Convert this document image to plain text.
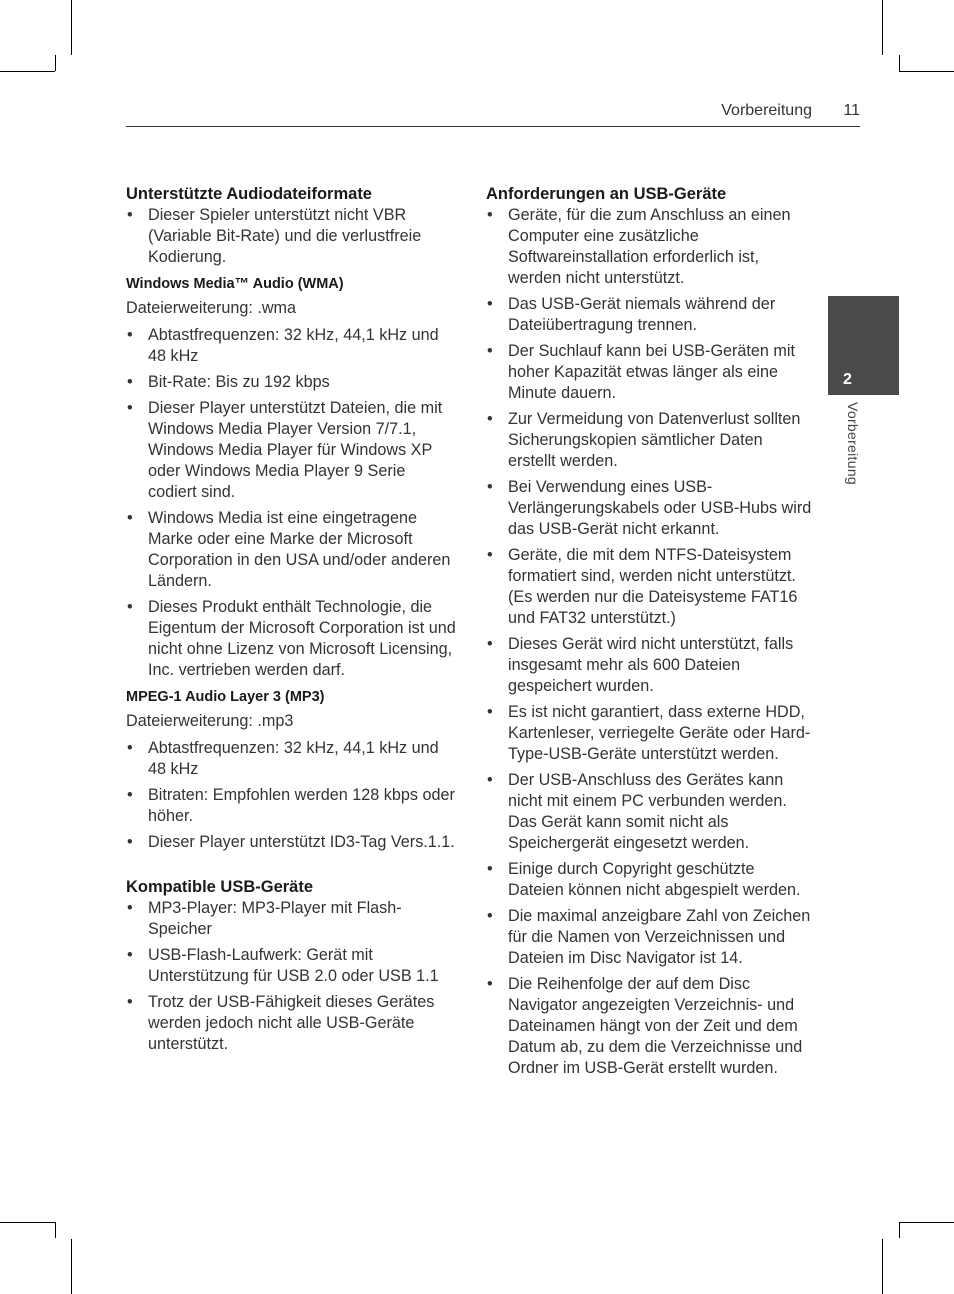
Vorbereitung 11
2
Vorbereitung

Unterstützte Audiodateiformate

• Dieser Spieler unterstützt nicht VBR (Variable Bit-Rate) und die verlustfreie Kodierung.

Windows Media™ Audio (WMA)

Dateierweiterung: .wma

• Abtastfrequenzen: 32 kHz, 44,1 kHz und 48 kHz
• Bit-Rate: Bis zu 192 kbps
• Dieser Player unterstützt Dateien, die mit Windows Media Player Version 7/7.1, Windows Media Player für Windows XP oder Windows Media Player 9 Serie codiert sind.
• Windows Media ist eine eingetragene Marke oder eine Marke der Microsoft Corporation in den USA und/oder anderen Ländern.
• Dieses Produkt enthält Technologie, die Eigentum der Microsoft Corporation ist und nicht ohne Lizenz von Microsoft Licensing, Inc. vertrieben werden darf.

MPEG-1 Audio Layer 3 (MP3)

Dateierweiterung: .mp3

• Abtastfrequenzen: 32 kHz, 44,1 kHz und 48 kHz
• Bitraten: Empfohlen werden 128 kbps oder höher.
• Dieser Player unterstützt ID3-Tag Vers.1.1.

Kompatible USB-Geräte

• MP3-Player: MP3-Player mit Flash-Speicher
• USB-Flash-Laufwerk: Gerät mit Unterstützung für USB 2.0 oder USB 1.1
• Trotz der USB-Fähigkeit dieses Gerätes werden jedoch nicht alle USB-Geräte unterstützt.

Anforderungen an USB-Geräte

• Geräte, für die zum Anschluss an einen Computer eine zusätzliche Softwareinstallation erforderlich ist, werden nicht unterstützt.
• Das USB-Gerät niemals während der Dateiübertragung trennen.
• Der Suchlauf kann bei USB-Geräten mit hoher Kapazität etwas länger als eine Minute dauern.
• Zur Vermeidung von Datenverlust sollten Sicherungskopien sämtlicher Daten erstellt werden.
• Bei Verwendung eines USB-Verlängerungskabels oder USB-Hubs wird das USB-Gerät nicht erkannt.
• Geräte, die mit dem NTFS-Dateisystem formatiert sind, werden nicht unterstützt. (Es werden nur die Dateisysteme FAT16 und FAT32 unterstützt.)
• Dieses Gerät wird nicht unterstützt, falls insgesamt mehr als 600 Dateien gespeichert wurden.
• Es ist nicht garantiert, dass externe HDD, Kartenleser, verriegelte Geräte oder Hard-Type-USB-Geräte unterstützt werden.
• Der USB-Anschluss des Gerätes kann nicht mit einem PC verbunden werden. Das Gerät kann somit nicht als Speichergerät eingesetzt werden.
• Einige durch Copyright geschützte Dateien können nicht abgespielt werden.
• Die maximal anzeigbare Zahl von Zeichen für die Namen von Verzeichnissen und Dateien im Disc Navigator ist 14.
• Die Reihenfolge der auf dem Disc Navigator angezeigten Verzeichnis- und Dateinamen hängt von der Zeit und dem Datum ab, zu dem die Verzeichnisse und Ordner im USB-Gerät erstellt wurden.
